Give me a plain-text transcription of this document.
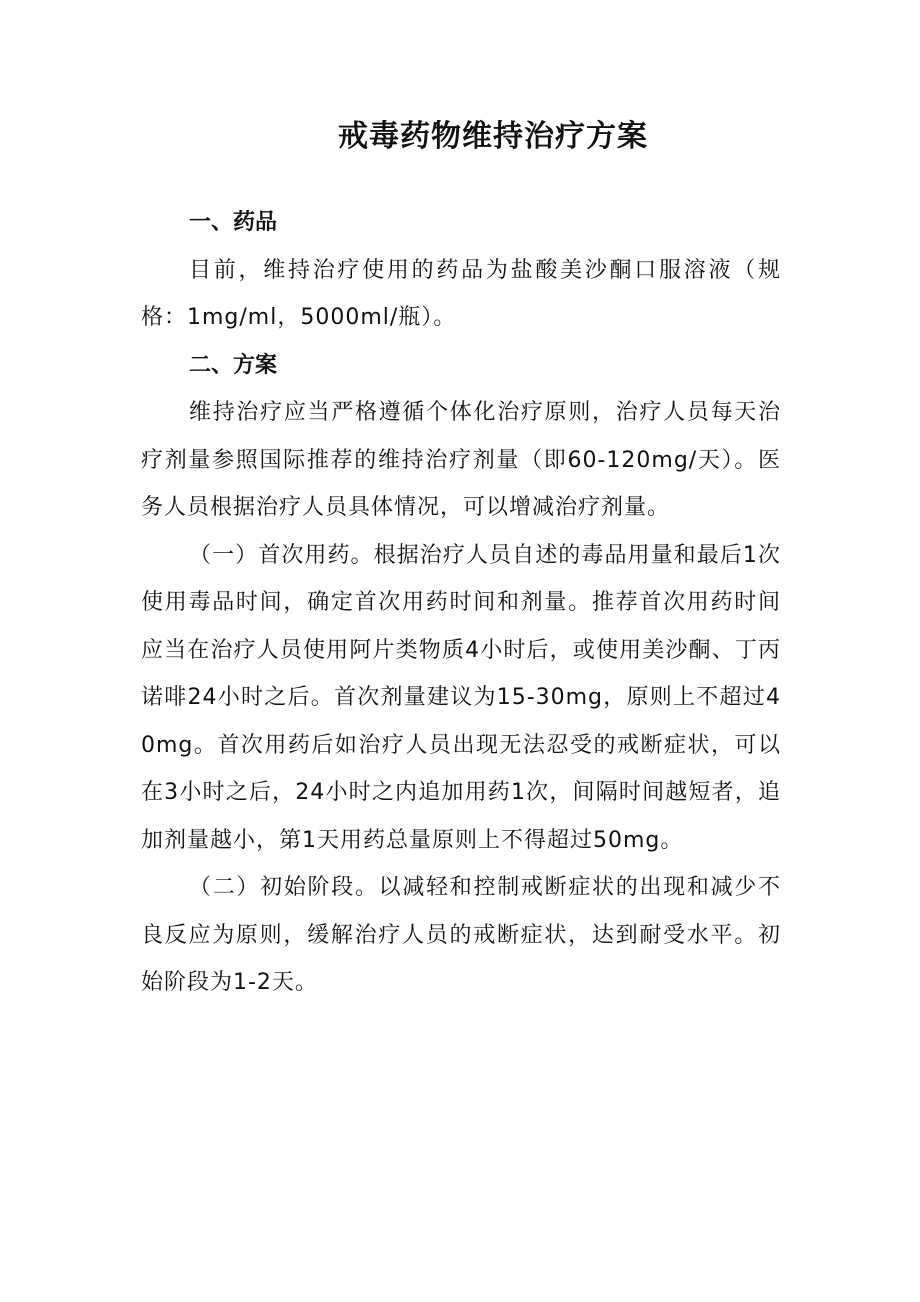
戒毒药物维持治疗方案

一、药品

目前，维持治疗使用的药品为盐酸美沙酮口服溶液（规格：1mg/ml，5000ml/瓶）。

二、方案

维持治疗应当严格遵循个体化治疗原则，治疗人员每天治疗剂量参照国际推荐的维持治疗剂量（即60-120mg/天）。医务人员根据治疗人员具体情况，可以增减治疗剂量。

（一）首次用药。根据治疗人员自述的毒品用量和最后1次使用毒品时间，确定首次用药时间和剂量。推荐首次用药时间应当在治疗人员使用阿片类物质4小时后，或使用美沙酮、丁丙诺啡24小时之后。首次剂量建议为15-30mg，原则上不超过40mg。首次用药后如治疗人员出现无法忍受的戒断症状，可以在3小时之后，24小时之内追加用药1次，间隔时间越短者，追加剂量越小，第1天用药总量原则上不得超过50mg。

（二）初始阶段。以减轻和控制戒断症状的出现和减少不良反应为原则，缓解治疗人员的戒断症状，达到耐受水平。初始阶段为1-2天。
